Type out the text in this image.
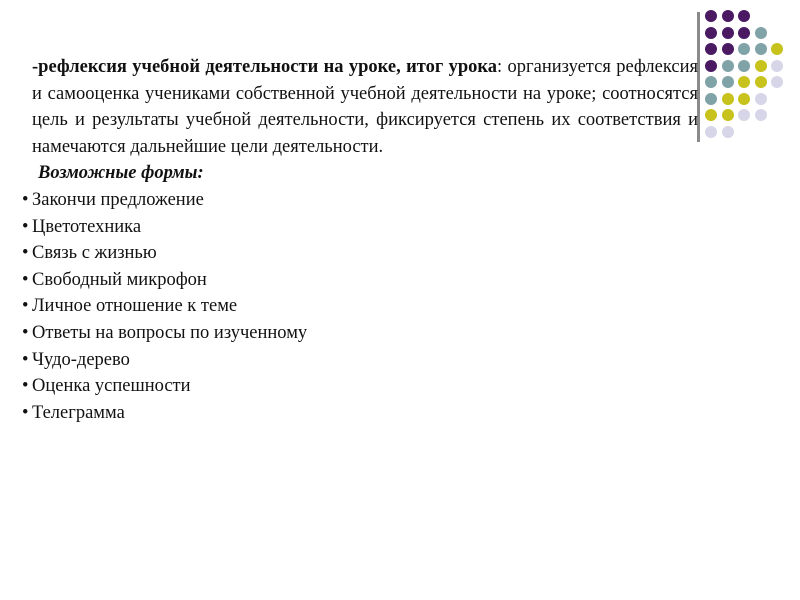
-рефлексия учебной деятельности на уроке, итог урока: организуется рефлексия и самооценка учениками собственной учебной деятельности на уроке; соотносятся цель и результаты учебной деятельности, фиксируется степень их соответствия и намечаются дальнейшие цели деятельности.

Возможные формы:

• Закончи предложение
• Цветотехника
• Связь с жизнью
• Свободный микрофон
• Личное отношение к теме
• Ответы на вопросы по изученному
• Чудо-дерево
• Оценка успешности
• Телеграмма
